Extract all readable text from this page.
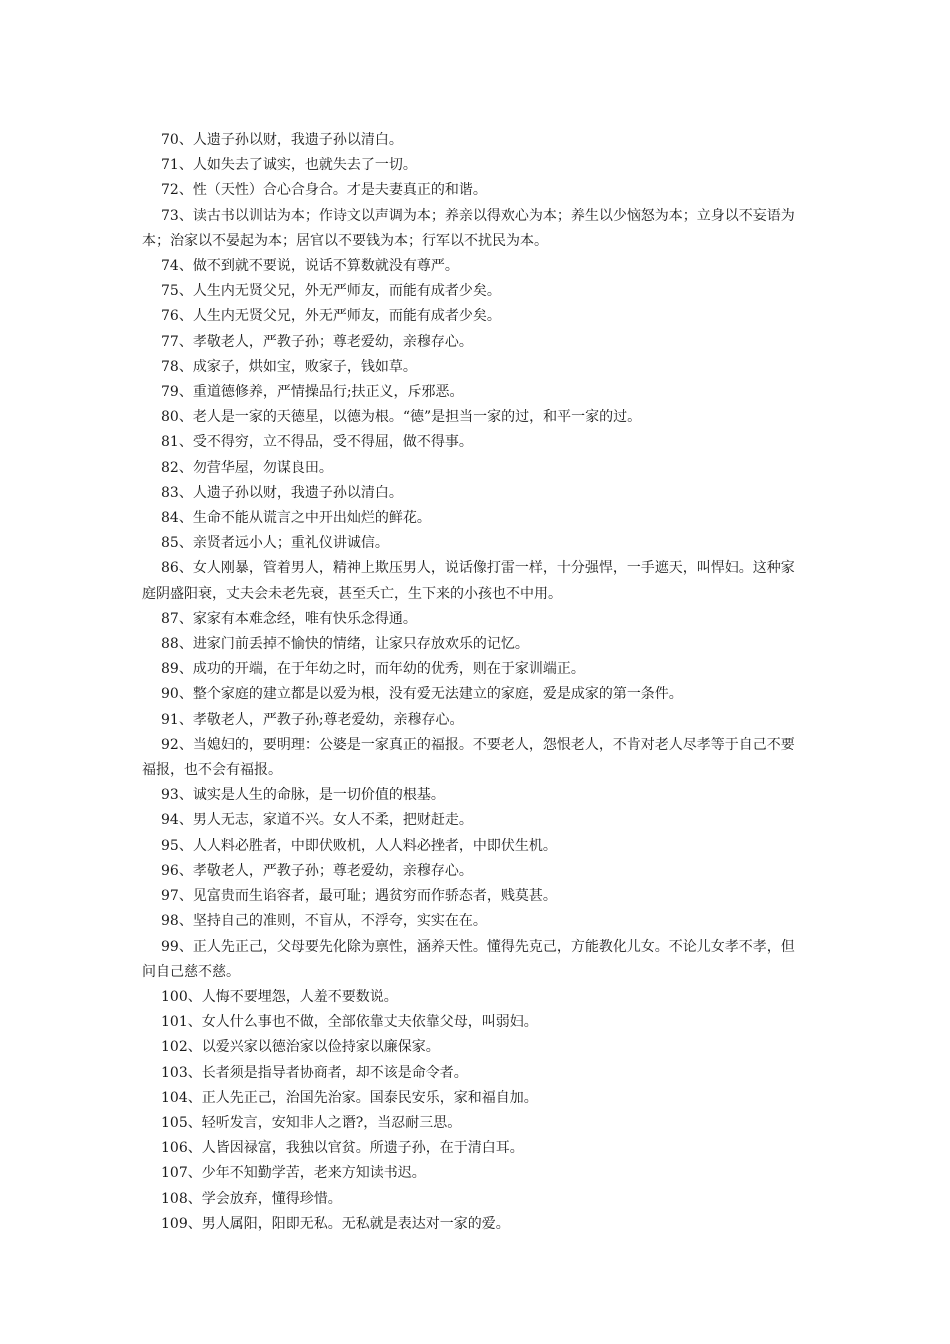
70、人遗子孙以财，我遗子孙以清白。

71、人如失去了诚实，也就失去了一切。

72、性（天性）合心合身合。才是夫妻真正的和谐。

73、读古书以训诂为本；作诗文以声调为本；养亲以得欢心为本；养生以少恼怒为本；立身以不妄语为本；治家以不晏起为本；居官以不要钱为本；行军以不扰民为本。

74、做不到就不要说，说话不算数就没有尊严。

75、人生内无贤父兄，外无严师友，而能有成者少矣。

76、人生内无贤父兄，外无严师友，而能有成者少矣。

77、孝敬老人，严教子孙；尊老爱幼，亲穆存心。

78、成家子，烘如宝，败家子，钱如草。

79、重道德修养，严情操品行;扶正义，斥邪恶。

80、老人是一家的天德星，以德为根。“德”是担当一家的过，和平一家的过。

81、受不得穷，立不得品，受不得屈，做不得事。

82、勿营华屋，勿谋良田。

83、人遗子孙以财，我遗子孙以清白。

84、生命不能从谎言之中开出灿烂的鲜花。

85、亲贤者远小人；重礼仪讲诚信。

86、女人刚暴，管着男人，精神上欺压男人，说话像打雷一样，十分强悍，一手遮天，叫悍妇。这种家庭阴盛阳衰，丈夫会未老先衰，甚至夭亡，生下来的小孩也不中用。

87、家家有本难念经，唯有快乐念得通。

88、进家门前丢掉不愉快的情绪，让家只存放欢乐的记忆。

89、成功的开端，在于年幼之时，而年幼的优秀，则在于家训端正。

90、整个家庭的建立都是以爱为根，没有爱无法建立的家庭，爱是成家的第一条件。

91、孝敬老人，严教子孙;尊老爱幼，亲穆存心。

92、当媳妇的，要明理：公婆是一家真正的福报。不要老人，怨恨老人，不肯对老人尽孝等于自己不要福报，也不会有福报。

93、诚实是人生的命脉，是一切价值的根基。

94、男人无志，家道不兴。女人不柔，把财赶走。

95、人人料必胜者，中即伏败机，人人料必挫者，中即伏生机。

96、孝敬老人，严教子孙；尊老爱幼，亲穆存心。

97、见富贵而生谄容者，最可耻；遇贫穷而作骄态者，贱莫甚。

98、坚持自己的准则，不盲从，不浮夸，实实在在。

99、正人先正己，父母要先化除为禀性，涵养天性。懂得先克己，方能教化儿女。不论儿女孝不孝，但问自己慈不慈。

100、人悔不要埋怨，人羞不要数说。

101、女人什么事也不做，全部依靠丈夫依靠父母，叫弱妇。

102、以爱兴家以德治家以俭持家以廉保家。

103、长者须是指导者协商者，却不该是命令者。

104、正人先正己，治国先治家。国泰民安乐，家和福自加。

105、轻听发言，安知非人之谮?，当忍耐三思。

106、人皆因禄富，我独以官贫。所遗子孙，在于清白耳。

107、少年不知勤学苦，老来方知读书迟。

108、学会放弃，懂得珍惜。

109、男人属阳，阳即无私。无私就是表达对一家的爱。
